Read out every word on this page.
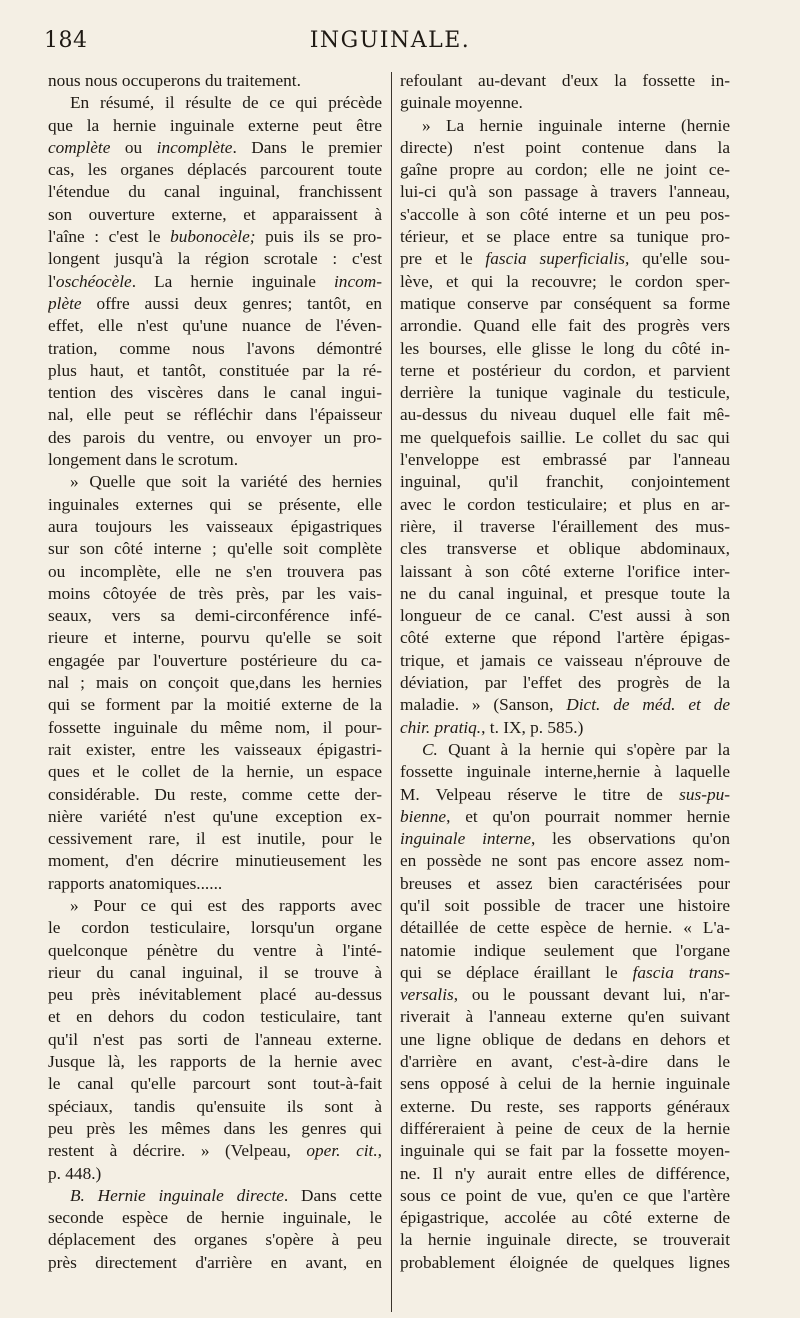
184	INGUINALE.
nous nous occuperons du traitement.
En résumé, il résulte de ce qui précède
que la hernie inguinale externe peut être
complète ou incomplète. Dans le premier
cas, les organes déplacés parcourent toute
l'étendue du canal inguinal, franchissent
son ouverture externe, et apparaissent à
l'aîne : c'est le bubonocèle; puis ils se pro-
longent jusqu'à la région scrotale : c'est
l'oschéocèle. La hernie inguinale incom-
plète offre aussi deux genres; tantôt, en
effet, elle n'est qu'une nuance de l'éven-
tration, comme nous l'avons démontré
plus haut, et tantôt, constituée par la ré-
tention des viscères dans le canal ingui-
nal, elle peut se réfléchir dans l'épaisseur
des parois du ventre, ou envoyer un pro-
longement dans le scrotum.
» Quelle que soit la variété des hernies
inguinales externes qui se présente, elle
aura toujours les vaisseaux épigastriques
sur son côté interne ; qu'elle soit complète
ou incomplète, elle ne s'en trouvera pas
moins côtoyée de très près, par les vais-
seaux, vers sa demi-circonférence infé-
rieure et interne, pourvu qu'elle se soit
engagée par l'ouverture postérieure du ca-
nal ; mais on conçoit que,dans les hernies
qui se forment par la moitié externe de la
fossette inguinale du même nom, il pour-
rait exister, entre les vaisseaux épigastri-
ques et le collet de la hernie, un espace
considérable. Du reste, comme cette der-
nière variété n'est qu'une exception ex-
cessivement rare, il est inutile, pour le
moment, d'en décrire minutieusement les
rapports anatomiques......
» Pour ce qui est des rapports avec
le cordon testiculaire, lorsqu'un organe
quelconque pénètre du ventre à l'inté-
rieur du canal inguinal, il se trouve à
peu près inévitablement placé au-dessus
et en dehors du codon testiculaire, tant
qu'il n'est pas sorti de l'anneau externe.
Jusque là, les rapports de la hernie avec
le canal qu'elle parcourt sont tout-à-fait
spéciaux, tandis qu'ensuite ils sont à
peu près les mêmes dans les genres qui
restent à décrire. » (Velpeau, oper. cit.,
p. 448.)
B. Hernie inguinale directe. Dans cette
seconde espèce de hernie inguinale, le
déplacement des organes s'opère à peu
près directement d'arrière en avant, en
refoulant au-devant d'eux la fossette in-
guinale moyenne.
» La hernie inguinale interne (hernie
directe) n'est point contenue dans la
gaîne propre au cordon; elle ne joint ce-
lui-ci qu'à son passage à travers l'anneau,
s'accolle à son côté interne et un peu pos-
térieur, et se place entre sa tunique pro-
pre et le fascia superficialis, qu'elle sou-
lève, et qui la recouvre; le cordon sper-
matique conserve par conséquent sa forme
arrondie. Quand elle fait des progrès vers
les bourses, elle glisse le long du côté in-
terne et postérieur du cordon, et parvient
derrière la tunique vaginale du testicule,
au-dessus du niveau duquel elle fait mê-
me quelquefois saillie. Le collet du sac qui
l'enveloppe est embrassé par l'anneau
inguinal, qu'il franchit, conjointement
avec le cordon testiculaire; et plus en ar-
rière, il traverse l'éraillement des mus-
cles transverse et oblique abdominaux,
laissant à son côté externe l'orifice inter-
ne du canal inguinal, et presque toute la
longueur de ce canal. C'est aussi à son
côté externe que répond l'artère épigas-
trique, et jamais ce vaisseau n'éprouve de
déviation, par l'effet des progrès de la
maladie. » (Sanson, Dict. de méd. et de
chir. pratiq., t. IX, p. 585.)
C. Quant à la hernie qui s'opère par la
fossette inguinale interne,hernie à laquelle
M. Velpeau réserve le titre de sus-pu-
bienne, et qu'on pourrait nommer hernie
inguinale interne, les observations qu'on
en possède ne sont pas encore assez nom-
breuses et assez bien caractérisées pour
qu'il soit possible de tracer une histoire
détaillée de cette espèce de hernie. « L'a-
natomie indique seulement que l'organe
qui se déplace éraillant le fascia trans-
versalis, ou le poussant devant lui, n'ar-
riverait à l'anneau externe qu'en suivant
une ligne oblique de dedans en dehors et
d'arrière en avant, c'est-à-dire dans le
sens opposé à celui de la hernie inguinale
externe. Du reste, ses rapports généraux
différeraient à peine de ceux de la hernie
inguinale qui se fait par la fossette moyen-
ne. Il n'y aurait entre elles de différence,
sous ce point de vue, qu'en ce que l'artère
épigastrique, accolée au côté externe de
la hernie inguinale directe, se trouverait
probablement éloignée de quelques lignes
